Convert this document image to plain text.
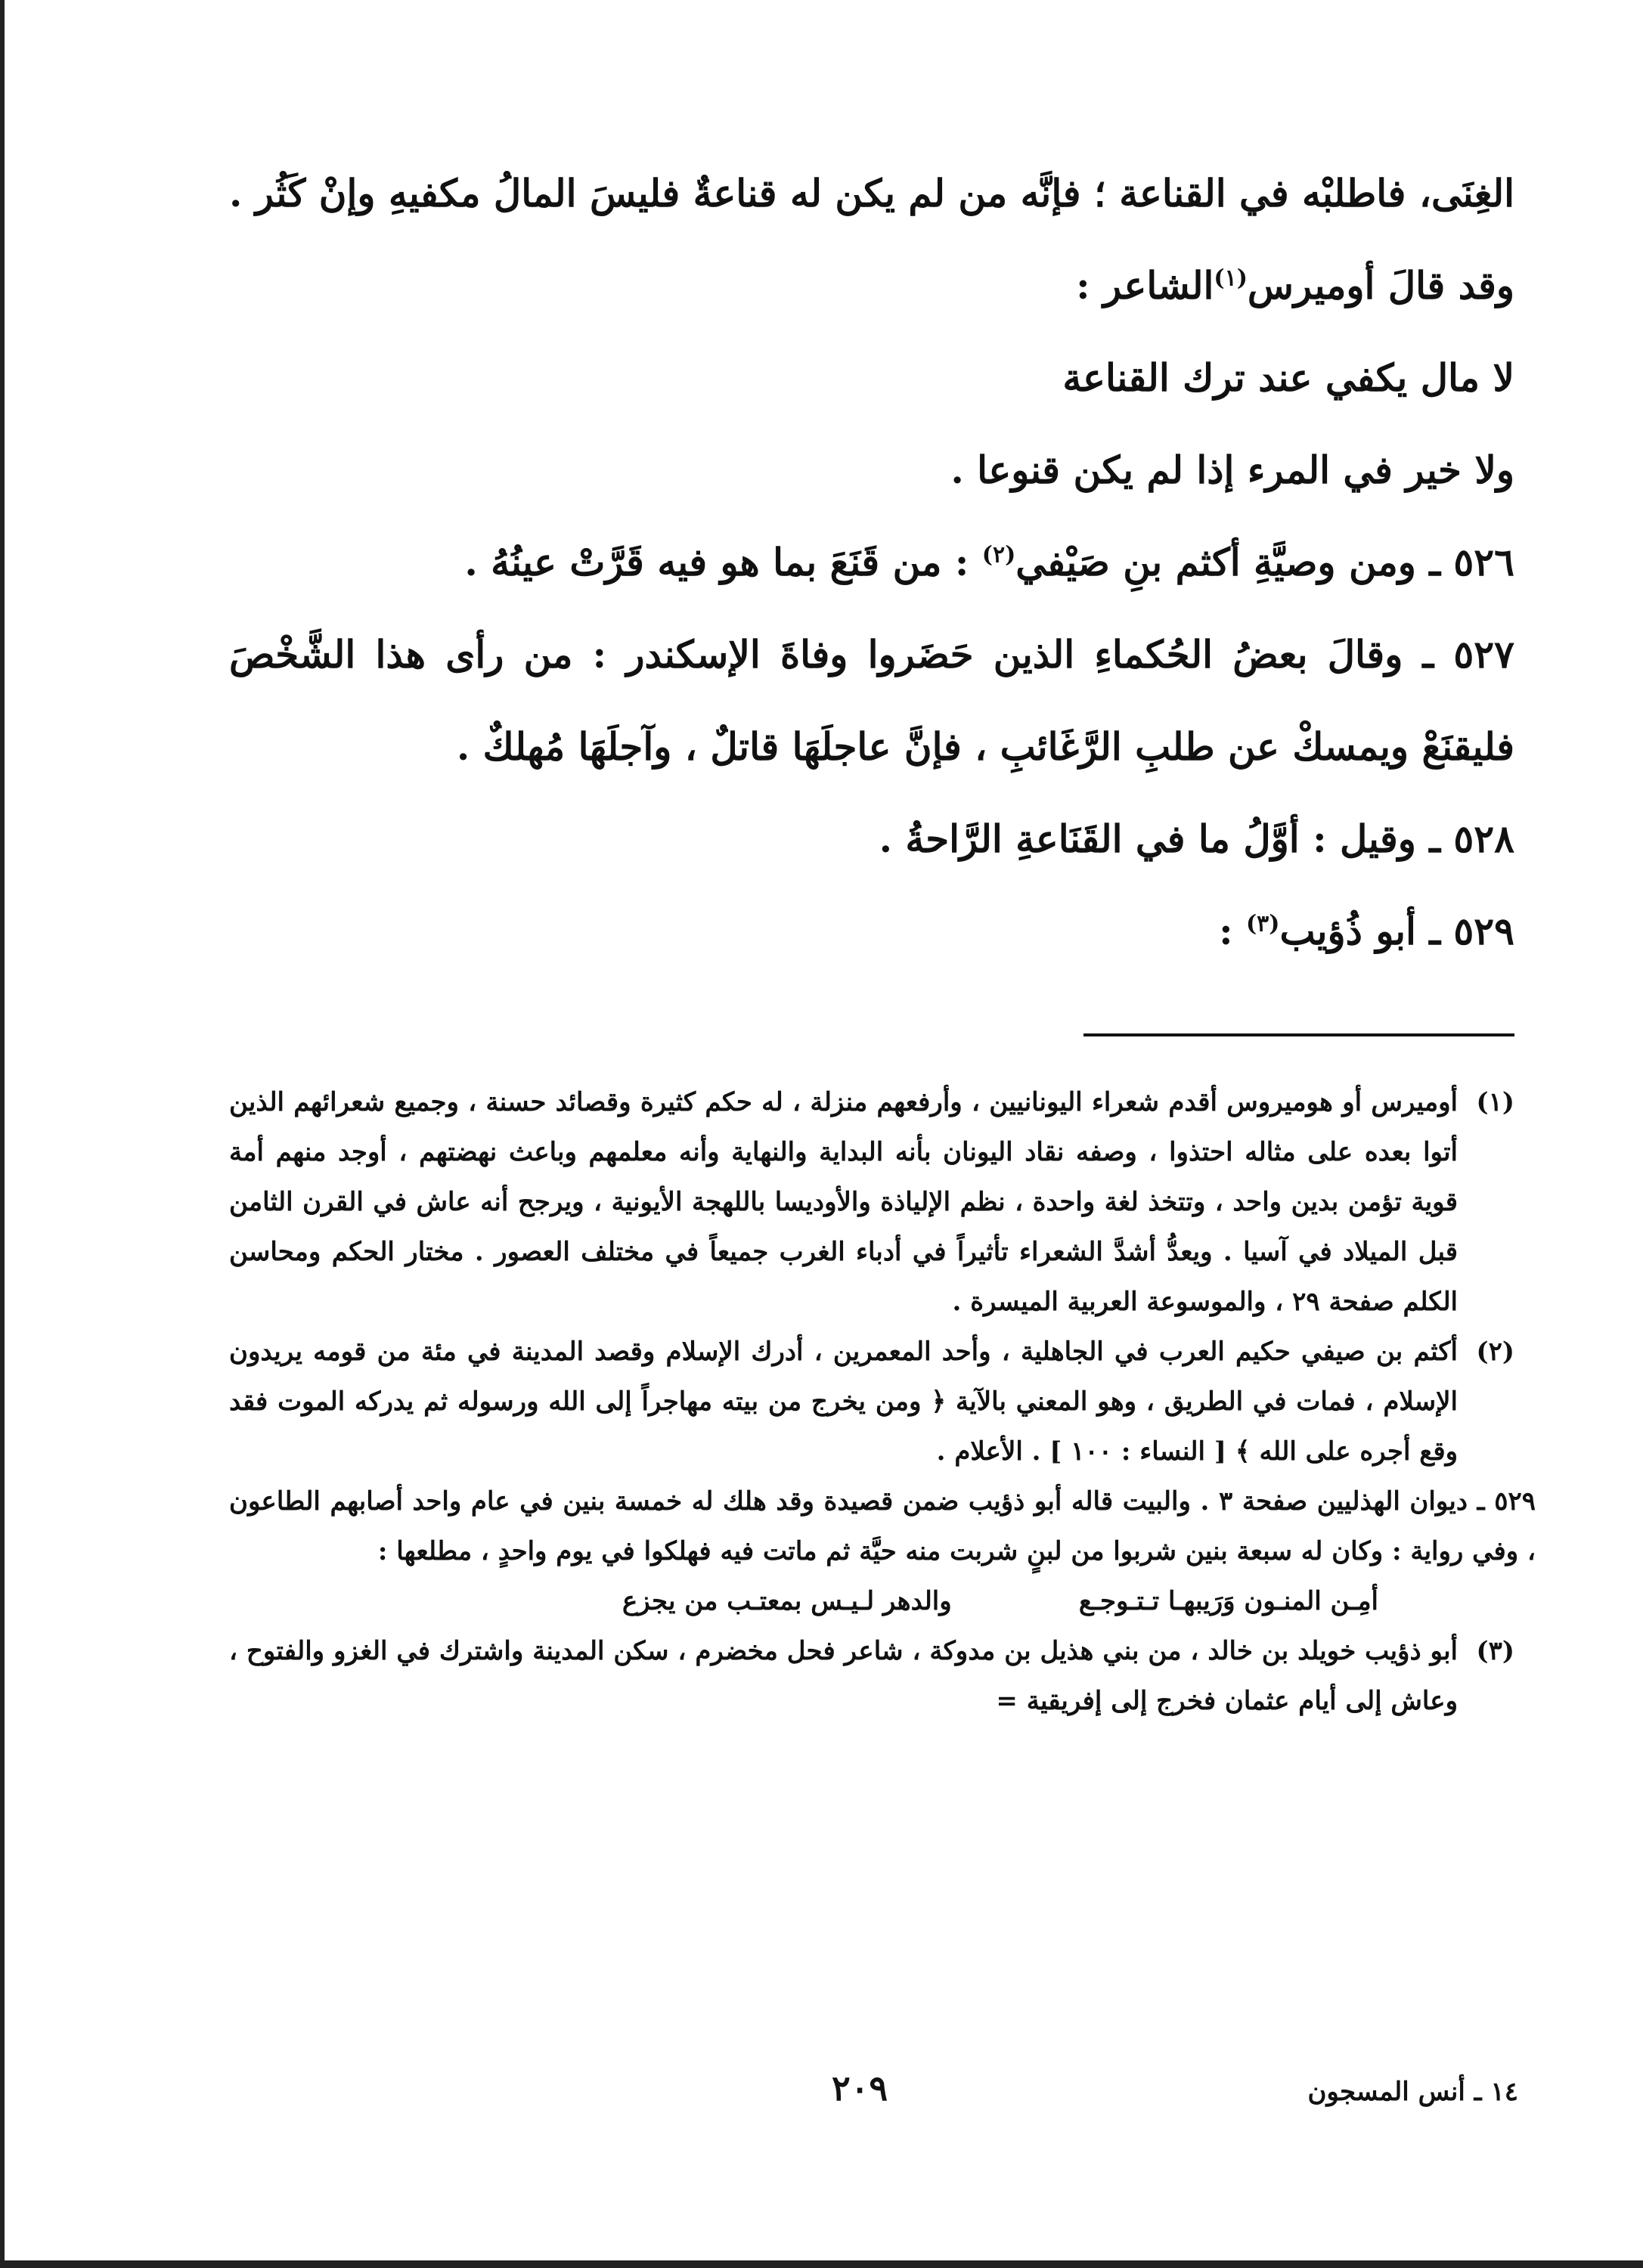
الغِنَى، فاطلبْه في القناعة ؛ فإنَّه من لم يكن له قناعةٌ فليسَ المالُ مكفيهِ وإنْ كَثُر . وقد قالَ أوميرس$^{(١)}$الشاعر :

لا مال يكفي عند ترك القناعة

ولا خير في المرء إذا لم يكن قنوعا .

٥٢٦ ـ ومن وصيَّةِ أكثم بنِ صَيْفي$^{(٢)}$ : من قَنَعَ بما هو فيه قَرَّتْ عينُهُ .

٥٢٧ ـ وقالَ بعضُ الحُكماءِ الذين حَضَروا وفاةَ الإسكندر : من رأى هذا الشَّخْصَ فليقنَعْ ويمسكْ عن طلبِ الرَّغَائبِ ، فإنَّ عاجلَهَا قاتلٌ ، وآجلَهَا مُهلكٌ .

٥٢٨ ـ وقيل : أوَّلُ ما في القَنَاعةِ الرَّاحةُ .

٥٢٩ ـ أبو ذُؤيب$^{(٣)}$ :

(١)
أوميرس أو هوميروس أقدم شعراء اليونانيين ، وأرفعهم منزلة ، له حكم كثيرة وقصائد حسنة ، وجميع شعرائهم الذين أتوا بعده على مثاله احتذوا ، وصفه نقاد اليونان بأنه البداية والنهاية وأنه معلمهم وباعث نهضتهم ، أوجد منهم أمة قوية تؤمن بدين واحد ، وتتخذ لغة واحدة ، نظم الإلياذة والأوديسا باللهجة الأيونية ، ويرجح أنه عاش في القرن الثامن قبل الميلاد في آسيا . ويعدُّ أشدَّ الشعراء تأثيراً في أدباء الغرب جميعاً في مختلف العصور . مختار الحكم ومحاسن الكلم صفحة ٢٩ ، والموسوعة العربية الميسرة .

(٢)
أكثم بن صيفي حكيم العرب في الجاهلية ، وأحد المعمرين ، أدرك الإسلام وقصد المدينة في مئة من قومه يريدون الإسلام ، فمات في الطريق ، وهو المعني بالآية ﴿ ومن يخرج من بيته مهاجراً إلى الله ورسوله ثم يدركه الموت فقد وقع أجره على الله ﴾ [ النساء : ١٠٠ ] . الأعلام .

٥٢٩ ـ ديوان الهذليين صفحة ٣ . والبيت قاله أبو ذؤيب ضمن قصيدة وقد هلك له خمسة بنين في عام واحد أصابهم الطاعون ، وفي رواية : وكان له سبعة بنين شربوا من لبنٍ شربت منه حيَّة ثم ماتت فيه فهلكوا في يوم واحدٍ ، مطلعها :

أمِـن المنـون وَرَيبهـا تـتـوجـع
والدهر لـيـس بمعتـب من يجزع

(٣)
أبو ذؤيب خويلد بن خالد ، من بني هذيل بن مدوكة ، شاعر فحل مخضرم ، سكن المدينة واشترك في الغزو والفتوح ، وعاش إلى أيام عثمان فخرج إلى إفريقية =

٢٠٩	١٤ ـ أنس المسجون
